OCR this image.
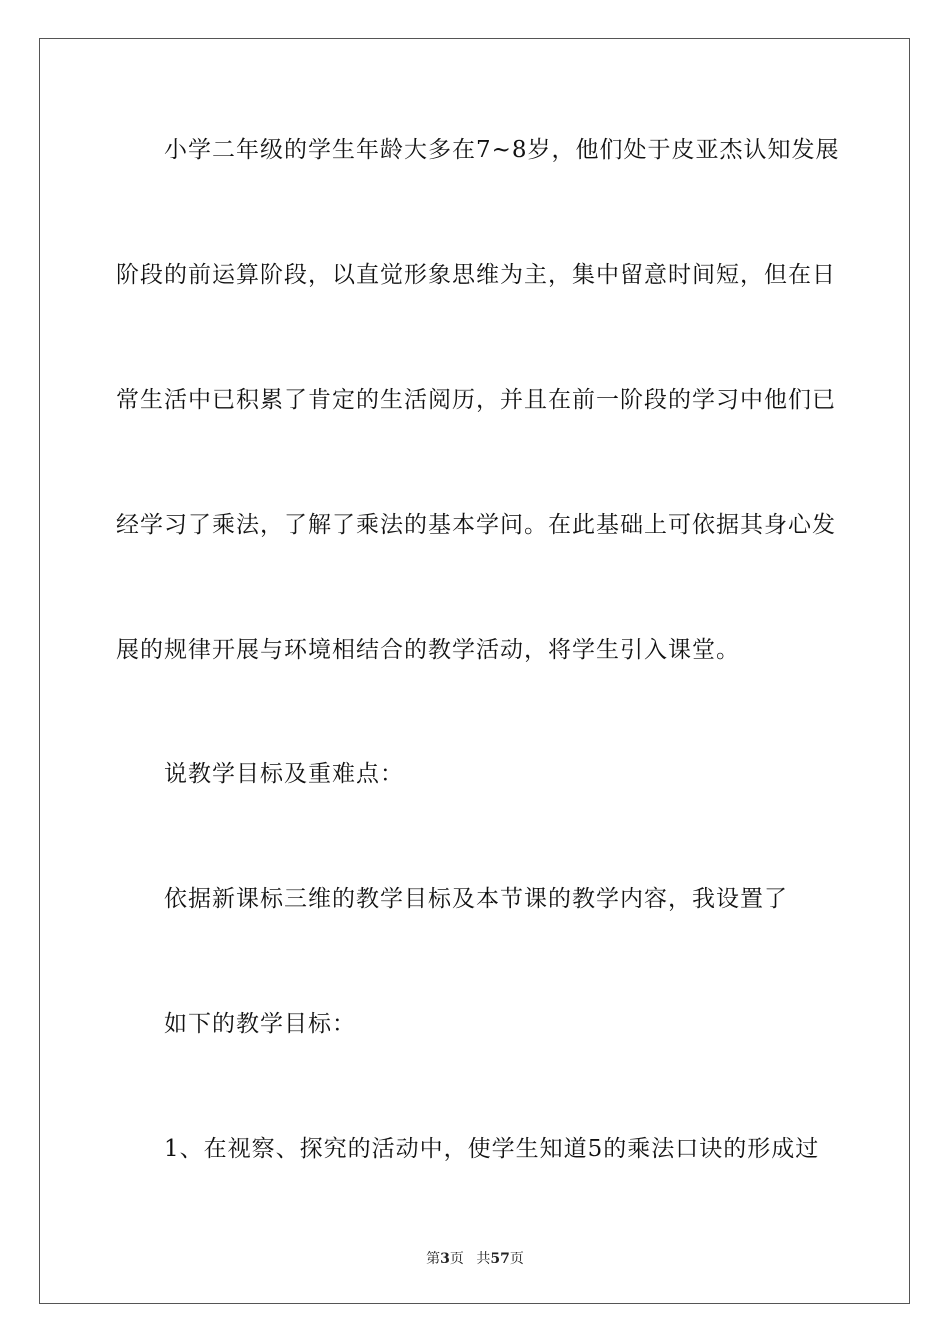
小学二年级的学生年龄大多在7~8岁，他们处于皮亚杰认知发展
阶段的前运算阶段，以直觉形象思维为主，集中留意时间短，但在日
常生活中已积累了肯定的生活阅历，并且在前一阶段的学习中他们已
经学习了乘法，了解了乘法的基本学问。在此基础上可依据其身心发
展的规律开展与环境相结合的教学活动，将学生引入课堂。
说教学目标及重难点：
依据新课标三维的教学目标及本节课的教学内容，我设置了
如下的教学目标：
1、在视察、探究的活动中，使学生知道5的乘法口诀的形成过
第3页 共57页
